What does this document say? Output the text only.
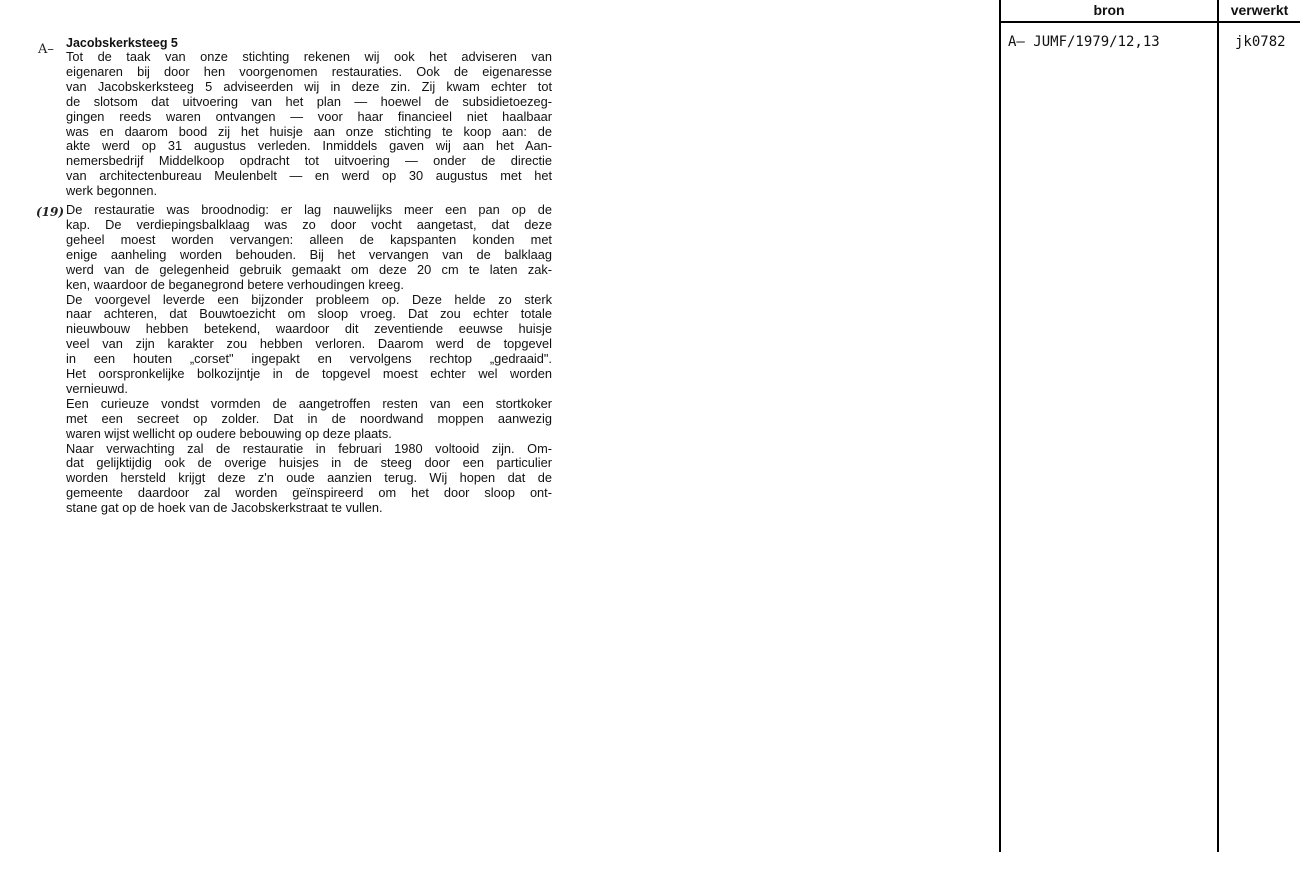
A–
(19)

Jacobskerksteeg 5

Tot de taak van onze stichting rekenen wij ook het adviseren van
eigenaren bij door hen voorgenomen restauraties. Ook de eigenaresse
van Jacobskerksteeg 5 adviseerden wij in deze zin. Zij kwam echter tot
de slotsom dat uitvoering van het plan — hoewel de subsidietoezeg-
gingen reeds waren ontvangen — voor haar financieel niet haalbaar
was en daarom bood zij het huisje aan onze stichting te koop aan: de
akte werd op 31 augustus verleden. Inmiddels gaven wij aan het Aan-
nemersbedrijf Middelkoop opdracht tot uitvoering — onder de directie
van architectenbureau Meulenbelt — en werd op 30 augustus met het
werk begonnen.
De restauratie was broodnodig: er lag nauwelijks meer een pan op de
kap. De verdiepingsbalklaag was zo door vocht aangetast, dat deze
geheel moest worden vervangen: alleen de kapspanten konden met
enige aanheling worden behouden. Bij het vervangen van de balklaag
werd van de gelegenheid gebruik gemaakt om deze 20 cm te laten zak-
ken, waardoor de beganegrond betere verhoudingen kreeg.
De voorgevel leverde een bijzonder probleem op. Deze helde zo sterk
naar achteren, dat Bouwtoezicht om sloop vroeg. Dat zou echter totale
nieuwbouw hebben betekend, waardoor dit zeventiende eeuwse huisje
veel van zijn karakter zou hebben verloren. Daarom werd de topgevel
in een houten „corset" ingepakt en vervolgens rechtop „gedraaid".
Het oorspronkelijke bolkozijntje in de topgevel moest echter wel worden
vernieuwd.
Een curieuze vondst vormden de aangetroffen resten van een stortkoker
met een secreet op zolder. Dat in de noordwand moppen aanwezig
waren wijst wellicht op oudere bebouwing op deze plaats.
Naar verwachting zal de restauratie in februari 1980 voltooid zijn. Om-
dat gelijktijdig ook de overige huisjes in de steeg door een particulier
worden hersteld krijgt deze z'n oude aanzien terug. Wij hopen dat de
gemeente daardoor zal worden geïnspireerd om het door sloop ont-
stane gat op de hoek van de Jacobskerkstraat te vullen.
bron	verwerkt
A– JUMF/1979/12,13	jk0782
